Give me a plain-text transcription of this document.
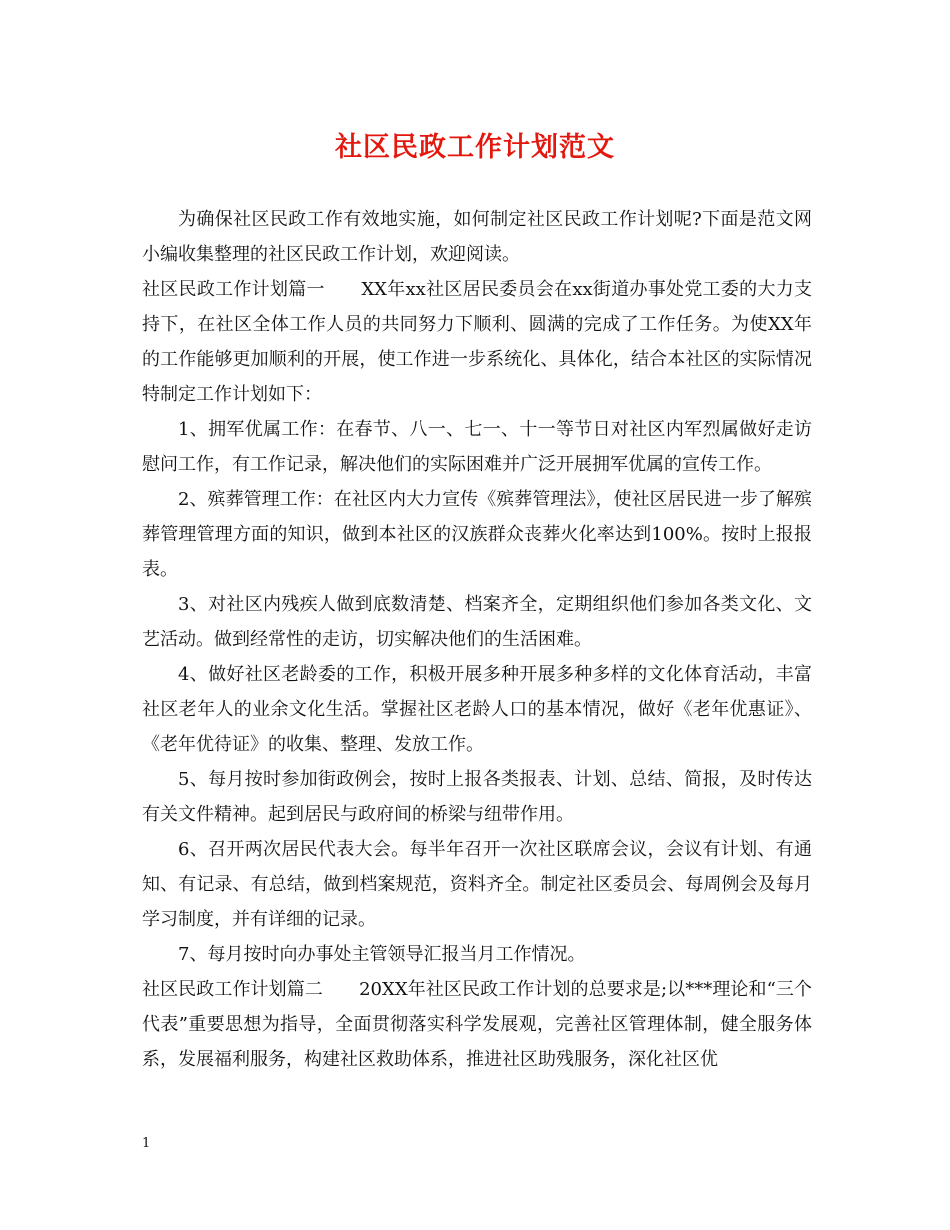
社区民政工作计划范文

为确保社区民政工作有效地实施，如何制定社区民政工作计划呢?下面是范文网小编收集整理的社区民政工作计划，欢迎阅读。

社区民政工作计划篇一　　XX年xx社区居民委员会在xx街道办事处党工委的大力支持下，在社区全体工作人员的共同努力下顺利、圆满的完成了工作任务。为使XX年的工作能够更加顺利的开展，使工作进一步系统化、具体化，结合本社区的实际情况特制定工作计划如下：

1、拥军优属工作：在春节、八一、七一、十一等节日对社区内军烈属做好走访慰问工作，有工作记录，解决他们的实际困难并广泛开展拥军优属的宣传工作。

2、殡葬管理工作：在社区内大力宣传《殡葬管理法》，使社区居民进一步了解殡葬管理管理方面的知识，做到本社区的汉族群众丧葬火化率达到100%。按时上报报表。

3、对社区内残疾人做到底数清楚、档案齐全，定期组织他们参加各类文化、文艺活动。做到经常性的走访，切实解决他们的生活困难。

4、做好社区老龄委的工作，积极开展多种开展多种多样的文化体育活动，丰富社区老年人的业余文化生活。掌握社区老龄人口的基本情况，做好《老年优惠证》、《老年优待证》的收集、整理、发放工作。

5、每月按时参加街政例会，按时上报各类报表、计划、总结、简报，及时传达有关文件精神。起到居民与政府间的桥梁与纽带作用。

6、召开两次居民代表大会。每半年召开一次社区联席会议，会议有计划、有通知、有记录、有总结，做到档案规范，资料齐全。制定社区委员会、每周例会及每月学习制度，并有详细的记录。

7、每月按时向办事处主管领导汇报当月工作情况。

社区民政工作计划篇二　　20XX年社区民政工作计划的总要求是;以***理论和“三个代表”重要思想为指导，全面贯彻落实科学发展观，完善社区管理体制，健全服务体系，发展福利服务，构建社区救助体系，推进社区助残服务，深化社区优

1
